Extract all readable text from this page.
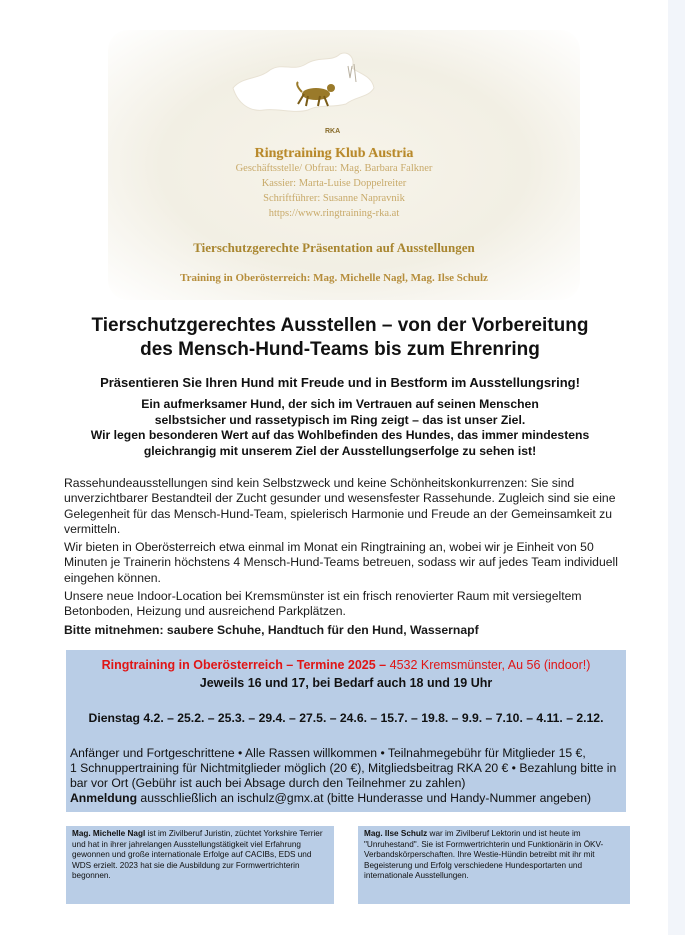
RKA
Ringtraining Klub Austria
Geschäftsstelle/ Obfrau: Mag. Barbara Falkner
Kassier: Marta-Luise Doppelreiter
Schriftführer: Susanne Napravnik
https://www.ringtraining-rka.at
Tierschutzgerechte Präsentation auf Ausstellungen
Training in Oberösterreich: Mag. Michelle Nagl, Mag. Ilse Schulz
Tierschutzgerechtes Ausstellen – von der Vorbereitung
des Mensch-Hund-Teams bis zum Ehrenring
Präsentieren Sie Ihren Hund mit Freude und in Bestform im Ausstellungsring!
Ein aufmerksamer Hund, der sich im Vertrauen auf seinen Menschen
selbstsicher und rassetypisch im Ring zeigt – das ist unser Ziel.
Wir legen besonderen Wert auf das Wohlbefinden des Hundes, das immer mindestens
gleichrangig mit unserem Ziel der Ausstellungserfolge zu sehen ist!

Rassehundeausstellungen sind kein Selbstzweck und keine Schönheitskonkurrenzen: Sie sind unverzichtbarer Bestandteil der Zucht gesunder und wesensfester Rassehunde. Zugleich sind sie eine Gelegenheit für das Mensch-Hund-Team, spielerisch Harmonie und Freude an der Gemeinsamkeit zu vermitteln.

Wir bieten in Oberösterreich etwa einmal im Monat ein Ringtraining an, wobei wir je Einheit von 50 Minuten je Trainerin höchstens 4 Mensch-Hund-Teams betreuen, sodass wir auf jedes Team individuell eingehen können.

Unsere neue Indoor-Location bei Kremsmünster ist ein frisch renovierter Raum mit versiegeltem Betonboden, Heizung und ausreichend Parkplätzen.

Bitte mitnehmen: saubere Schuhe, Handtuch für den Hund, Wassernapf

Ringtraining in Oberösterreich – Termine 2025 – 4532 Kremsmünster, Au 56 (indoor!)
Jeweils 16 und 17, bei Bedarf auch 18 und 19 Uhr
Dienstag 4.2. – 25.2. – 25.3. – 29.4. – 27.5. – 24.6. – 15.7. – 19.8. – 9.9. – 7.10. – 4.11. – 2.12.
Anfänger und Fortgeschrittene • Alle Rassen willkommen • Teilnahmegebühr für Mitglieder 15 €,
1 Schnuppertraining für Nichtmitglieder möglich (20 €), Mitgliedsbeitrag RKA 20 € • Bezahlung bitte in bar vor Ort (Gebühr ist auch bei Absage durch den Teilnehmer zu zahlen)
Anmeldung ausschließlich an ischulz@gmx.at (bitte Hunderasse und Handy-Nummer angeben)
Mag. Michelle Nagl ist im Zivilberuf Juristin, züchtet Yorkshire Terrier und hat in ihrer jahrelangen Ausstellungstätigkeit viel Erfahrung gewonnen und große internationale Erfolge auf CACIBs, EDS und WDS erzielt. 2023 hat sie die Ausbildung zur Formwertrichterin begonnen.
Mag. Ilse Schulz war im Zivilberuf Lektorin und ist heute im "Unruhestand". Sie ist Formwertrichterin und Funktionärin in ÖKV-Verbandskörperschaften. Ihre Westie-Hündin betreibt mit ihr mit Begeisterung und Erfolg verschiedene Hundesportarten und internationale Ausstellungen.
